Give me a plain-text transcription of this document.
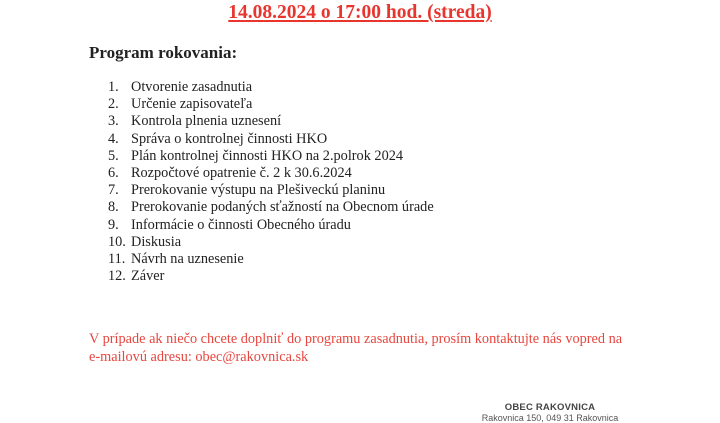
14.08.2024 o 17:00 hod. (streda)
Program rokovania:
1. Otvorenie zasadnutia
2. Určenie zapisovateľa
3. Kontrola plnenia uznesení
4. Správa o kontrolnej činnosti HKO
5. Plán kontrolnej činnosti HKO na 2.polrok 2024
6. Rozpočtové opatrenie č. 2 k 30.6.2024
7. Prerokovanie výstupu na Plešiveckú planinu
8. Prerokovanie podaných sťažností na Obecnom úrade
9. Informácie o činnosti Obecného úradu
10. Diskusia
11. Návrh na uznesenie
12. Záver
V prípade ak niečo chcete doplniť do programu zasadnutia, prosím kontaktujte nás vopred na
e-mailovú adresu: obec@rakovnica.sk
OBEC RAKOVNICA
Rakovnica 150, 049 31 Rakovnica
